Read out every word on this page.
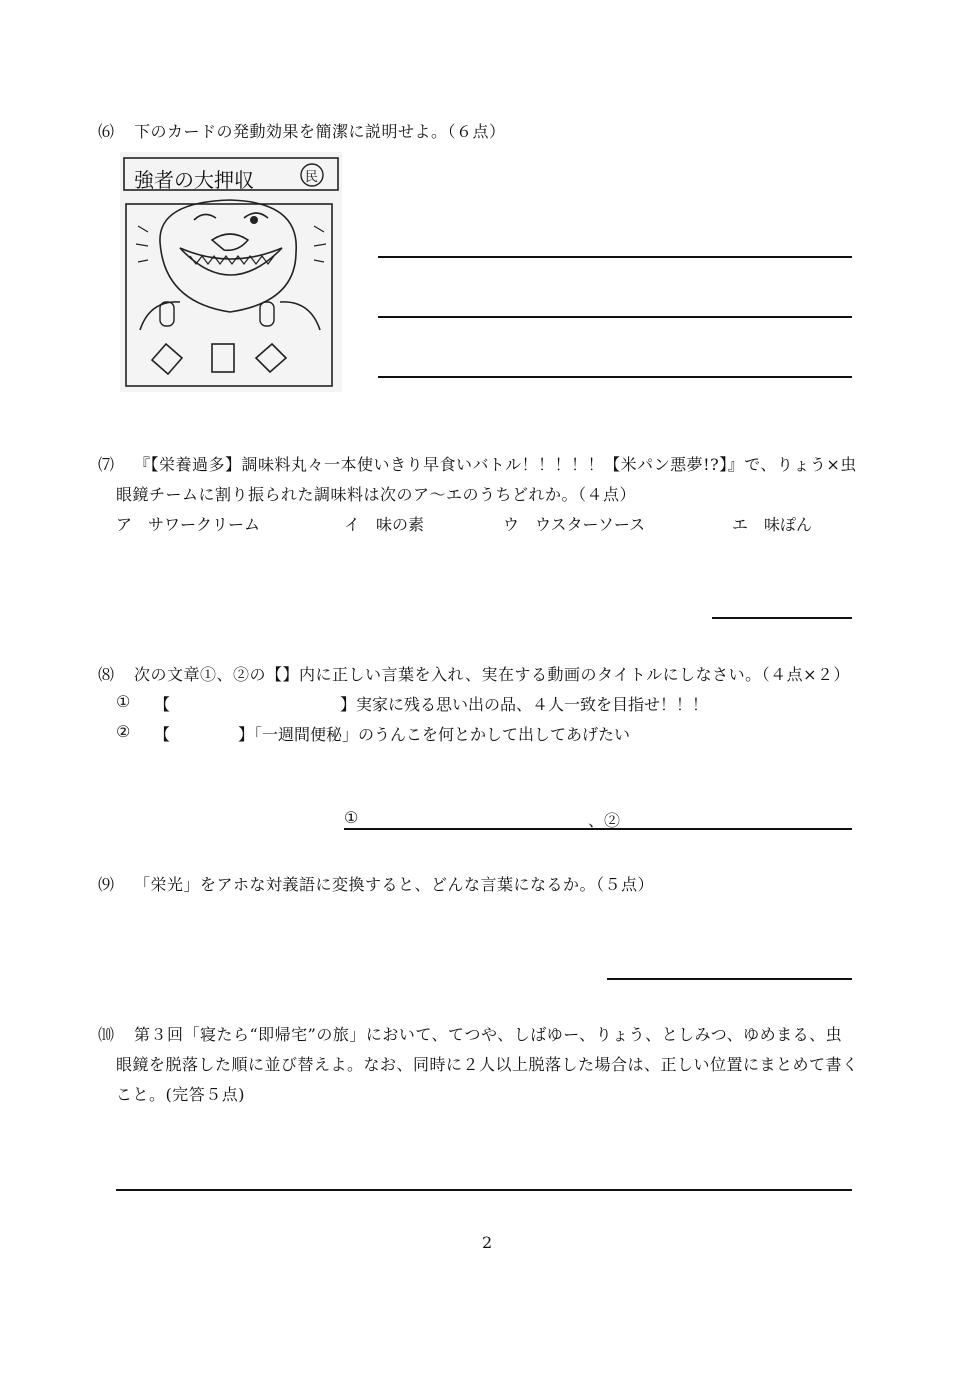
⑹ 下のカードの発動効果を簡潔に説明せよ。（６点）
強者の大押収	民
⑺ 『【栄養過多】調味料丸々一本使いきり早食いバトル！！！！！【米パン悪夢!?】』で、りょう×虫
眼鏡チームに割り振られた調味料は次のア～エのうちどれか。（４点）
ア　サワークリーム	イ　味の素	ウ　ウスターソース	エ　味ぽん
⑻ 次の文章①、②の【】内に正しい言葉を入れ、実在する動画のタイトルにしなさい。（４点×２）
① 【	】実家に残る思い出の品、４人一致を目指せ！！！
② 【	】「一週間便秘」のうんこを何とかして出してあげたい
①	、②
⑼ 「栄光」をアホな対義語に変換すると、どんな言葉になるか。（５点）
⑽ 第３回「寝たら“即帰宅”の旅」において、てつや、しばゆー、りょう、としみつ、ゆめまる、虫
眼鏡を脱落した順に並び替えよ。なお、同時に２人以上脱落した場合は、正しい位置にまとめて書く
こと。(完答５点)
2
